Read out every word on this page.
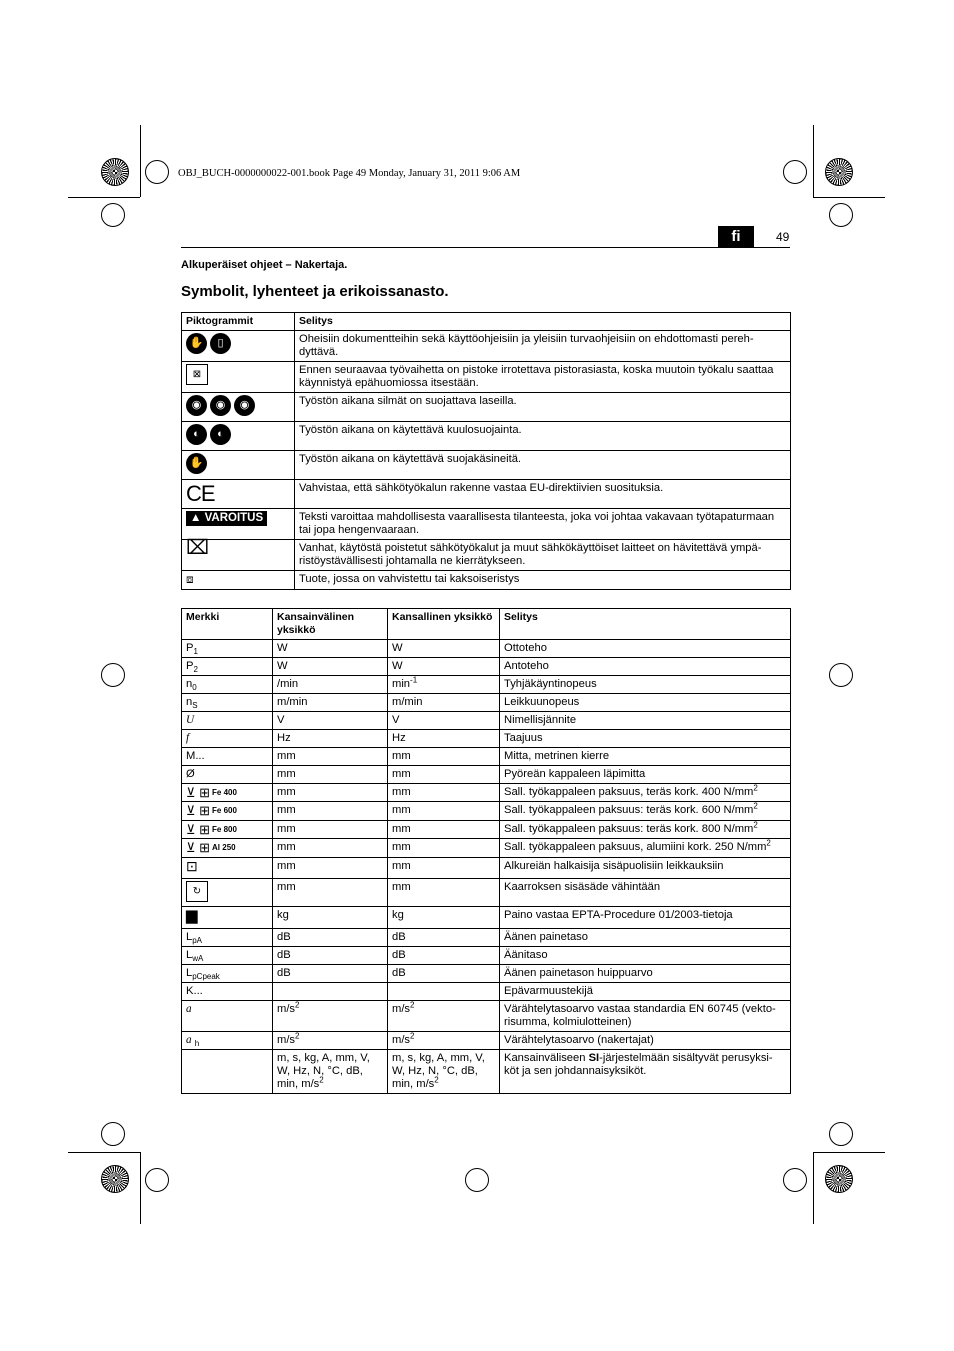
OBJ_BUCH-0000000022-001.book Page 49 Monday, January 31, 2011 9:06 AM
fi	49
Alkuperäiset ohjeet – Nakertaja.
Symbolit, lyhenteet ja erikoissanasto.
Piktogrammit	Selitys
✋ ▯	Oheisiin dokumentteihin sekä käyttöohjeisiin ja yleisiin turvaohjeisiin on ehdottomasti pereh-dyttävä.
⊠	Ennen seuraavaa työvaihetta on pistoke irrotettava pistorasiasta, koska muutoin työkalu saattaa käynnistyä epähuomiossa itsestään.
◉ ◉ ◉	Työstön aikana silmät on suojattava laseilla.
◐ ◐	Työstön aikana on käytettävä kuulosuojainta.
✋	Työstön aikana on käytettävä suojakäsineitä.
CE	Vahvistaa, että sähkötyökalun rakenne vastaa EU-direktiivien suosituksia.
▲ VAROITUS	Teksti varoittaa mahdollisesta vaarallisesta tilanteesta, joka voi johtaa vakavaan työtapaturmaan tai jopa hengenvaaraan.
⌧	Vanhat, käytöstä poistetut sähkötyökalut ja muut sähkökäyttöiset laitteet on hävitettävä ympä-ristöystävällisesti johtamalla ne kierrätykseen.
⧈	Tuote, jossa on vahvistettu tai kaksoiseristys
Merkki	Kansainvälinen yksikkö	Kansallinen yksikkö	Selitys
$P_1$	W	W	Ottoteho
$P_2$	W	W	Antoteho
$n_0$	/min	$\min^{-1}$	Tyhjäkäyntinopeus
$n_S$	m/min	m/min	Leikkuunopeus
U	V	V	Nimellisjännite
f	Hz	Hz	Taajuus
M...	mm	mm	Mitta, metrinen kierre
Ø	mm	mm	Pyöreän kappaleen läpimitta
⊻ ⊞ Fe 400	mm	mm	Sall. työkappaleen paksuus, teräs kork. 400 $N/mm^2$
⊻ ⊞ Fe 600	mm	mm	Sall. työkappaleen paksuus: teräs kork. 600 $N/mm^2$
⊻ ⊞ Fe 800	mm	mm	Sall. työkappaleen paksuus: teräs kork. 800 $N/mm^2$
⊻ ⊞ Al 250	mm	mm	Sall. työkappaleen paksuus, alumiini kork. 250 $N/mm^2$
⊡	mm	mm	Alkureiän halkaisija sisäpuolisiin leikkauksiin
↻	mm	mm	Kaarroksen sisäsäde vähintään
▆	kg	kg	Paino vastaa EPTA-Procedure 01/2003-tietoja
$L_{pA}$	dB	dB	Äänen painetaso
$L_{wA}$	dB	dB	Äänitaso
$L_{pCpeak}$	dB	dB	Äänen painetason huippuarvo
K...			Epävarmuustekijä
a	$m/s^2$	$m/s^2$	Värähtelytasoarvo vastaa standardia EN 60745 (vekto-risumma, kolmiulotteinen)
a $_h$	$m/s^2$	$m/s^2$	Värähtelytasoarvo (nakertajat)
	m, s, kg, A, mm, V, W, Hz, N, °C, dB, min, $m/s^2$	m, s, kg, A, mm, V, W, Hz, N, °C, dB, min, $m/s^2$	Kansainväliseen SI-järjestelmään sisältyvät perusyksi-köt ja sen johdannaisyksiköt.
